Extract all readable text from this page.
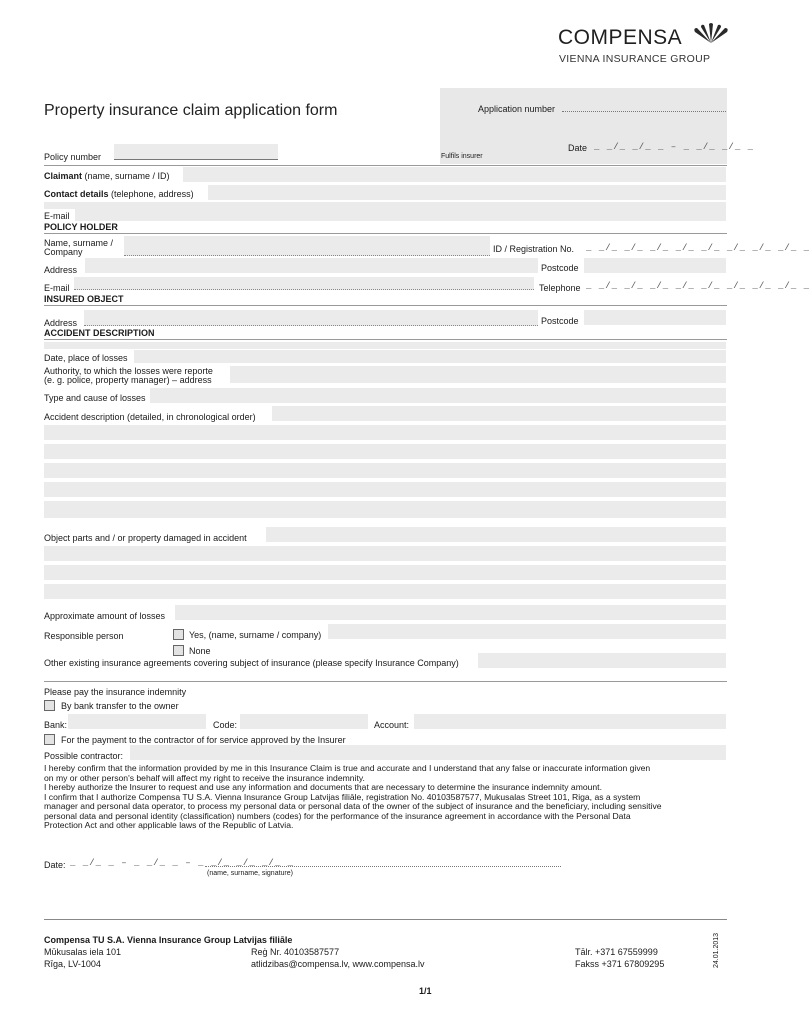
COMPENSA
VIENNA INSURANCE GROUP
Property insurance claim application form	Application number
Date _ _/_ _/_ _ – _ _/_ _/_ _
Fulfils insurer
Policy number
Claimant (name, surname / ID)
Contact details (telephone, address)
E-mail
POLICY HOLDER
Name, surname /
Company	ID / Registration No. _ _/_ _/_ _/_ _/_ _/_ _/_ _/_ _/_ _
Address	Postcode
E-mail	Telephone _ _/_ _/_ _/_ _/_ _/_ _/_ _/_ _/_ _
INSURED OBJECT
Address	Postcode
ACCIDENT DESCRIPTION
Date, place of losses
Authority, to which the losses were reporte
(e. g. police, property manager) – address
Type and cause of losses
Accident description (detailed, in chronological order)
Object parts and / or property damaged in accident
Approximate amount of losses
Responsible person	Yes, (name, surname / company)
None
Other existing insurance agreements covering subject of insurance (please specify Insurance Company)
Please pay the insurance indemnity
By bank transfer to the owner
Bank:	Code:	Account:
For the payment to the contractor of for service approved by the Insurer
Possible contractor:
I hereby confirm that the information provided by me in this Insurance Claim is true and accurate and I understand that any false or inaccurate information given
on my or other person's behalf will affect my right to receive the insurance indemnity.
I hereby authorize the Insurer to request and use any information and documents that are necessary to determine the insurance indemnity amount.
I confirm that I authorize Compensa TU S.A. Vienna Insurance Group Latvijas filiāle, registration No. 40103587577, Mukusalas Street 101, Riga, as a system
manager and personal data operator, to process my personal data or personal data of the owner of the subject of insurance and the beneficiary, including sensitive
personal data and personal identity (classification) numbers (codes) for the performance of the insurance agreement in accordance with the Personal Data
Protection Act and other applicable laws of the Republic of Latvia.
Date: _ _/_ _ – _ _/_ _ – _ _/_ _/_ _/_ _
(name, surname, signature)
Compensa TU S.A. Vienna Insurance Group Latvijas filiāle
Mūkusalas iela 101
Rīga, LV-1004
Reģ Nr. 40103587577
atlidzibas@compensa.lv, www.compensa.lv
Tālr. +371 67559999
Fakss +371 67809295
1/1
24.01.2013
